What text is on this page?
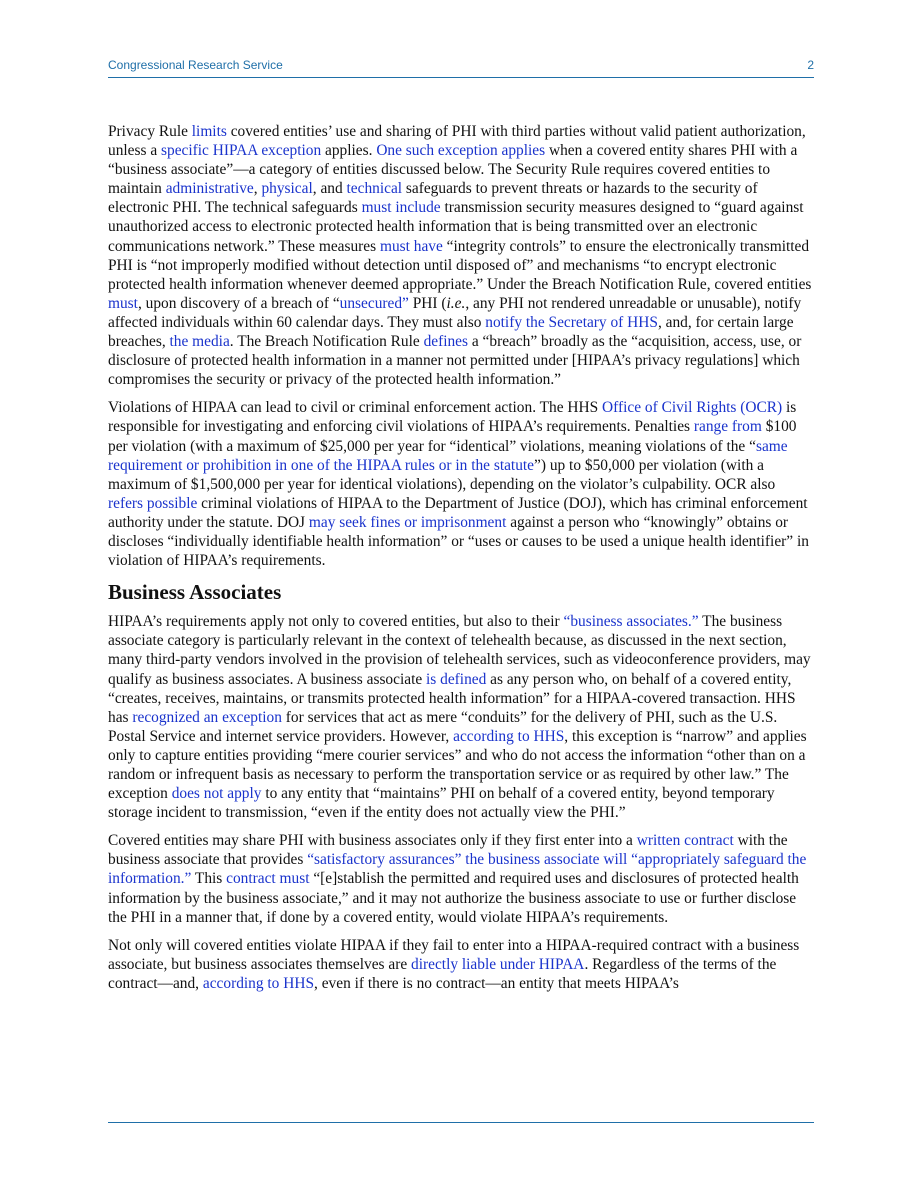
Congressional Research Service	2

Privacy Rule limits covered entities’ use and sharing of PHI with third parties without valid patient authorization, unless a specific HIPAA exception applies. One such exception applies when a covered entity shares PHI with a “business associate”—a category of entities discussed below. The Security Rule requires covered entities to maintain administrative, physical, and technical safeguards to prevent threats or hazards to the security of electronic PHI. The technical safeguards must include transmission security measures designed to “guard against unauthorized access to electronic protected health information that is being transmitted over an electronic communications network.” These measures must have “integrity controls” to ensure the electronically transmitted PHI is “not improperly modified without detection until disposed of” and mechanisms “to encrypt electronic protected health information whenever deemed appropriate.” Under the Breach Notification Rule, covered entities must, upon discovery of a breach of “unsecured” PHI (i.e., any PHI not rendered unreadable or unusable), notify affected individuals within 60 calendar days. They must also notify the Secretary of HHS, and, for certain large breaches, the media. The Breach Notification Rule defines a “breach” broadly as the “acquisition, access, use, or disclosure of protected health information in a manner not permitted under [HIPAA’s privacy regulations] which compromises the security or privacy of the protected health information.”

Violations of HIPAA can lead to civil or criminal enforcement action. The HHS Office of Civil Rights (OCR) is responsible for investigating and enforcing civil violations of HIPAA’s requirements. Penalties range from $100 per violation (with a maximum of $25,000 per year for “identical” violations, meaning violations of the “same requirement or prohibition in one of the HIPAA rules or in the statute”) up to $50,000 per violation (with a maximum of $1,500,000 per year for identical violations), depending on the violator’s culpability. OCR also refers possible criminal violations of HIPAA to the Department of Justice (DOJ), which has criminal enforcement authority under the statute. DOJ may seek fines or imprisonment against a person who “knowingly” obtains or discloses “individually identifiable health information” or “uses or causes to be used a unique health identifier” in violation of HIPAA’s requirements.

Business Associates

HIPAA’s requirements apply not only to covered entities, but also to their “business associates.” The business associate category is particularly relevant in the context of telehealth because, as discussed in the next section, many third-party vendors involved in the provision of telehealth services, such as videoconference providers, may qualify as business associates. A business associate is defined as any person who, on behalf of a covered entity, “creates, receives, maintains, or transmits protected health information” for a HIPAA-covered transaction. HHS has recognized an exception for services that act as mere “conduits” for the delivery of PHI, such as the U.S. Postal Service and internet service providers. However, according to HHS, this exception is “narrow” and applies only to capture entities providing “mere courier services” and who do not access the information “other than on a random or infrequent basis as necessary to perform the transportation service or as required by other law.” The exception does not apply to any entity that “maintains” PHI on behalf of a covered entity, beyond temporary storage incident to transmission, “even if the entity does not actually view the PHI.”

Covered entities may share PHI with business associates only if they first enter into a written contract with the business associate that provides “satisfactory assurances” the business associate will “appropriately safeguard the information.” This contract must “[e]stablish the permitted and required uses and disclosures of protected health information by the business associate,” and it may not authorize the business associate to use or further disclose the PHI in a manner that, if done by a covered entity, would violate HIPAA’s requirements.

Not only will covered entities violate HIPAA if they fail to enter into a HIPAA-required contract with a business associate, but business associates themselves are directly liable under HIPAA. Regardless of the terms of the contract—and, according to HHS, even if there is no contract—an entity that meets HIPAA’s
